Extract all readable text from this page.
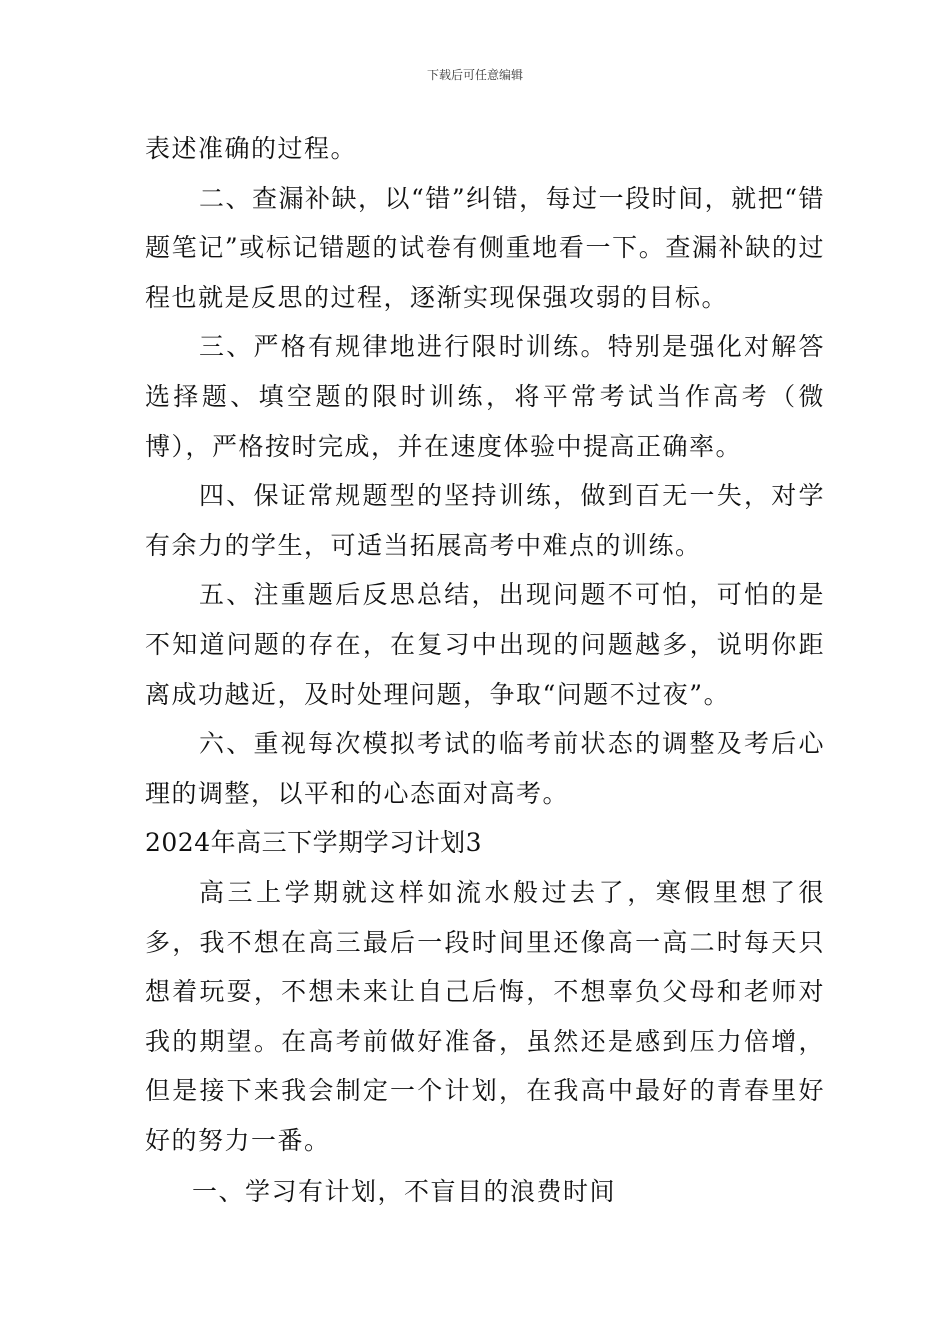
下载后可任意编辑

表述准确的过程。

二、查漏补缺，以“错”纠错，每过一段时间，就把“错题笔记”或标记错题的试卷有侧重地看一下。查漏补缺的过程也就是反思的过程，逐渐实现保强攻弱的目标。

三、严格有规律地进行限时训练。特别是强化对解答选择题、填空题的限时训练，将平常考试当作高考（微博），严格按时完成，并在速度体验中提高正确率。

四、保证常规题型的坚持训练，做到百无一失，对学有余力的学生，可适当拓展高考中难点的训练。

五、注重题后反思总结，出现问题不可怕，可怕的是不知道问题的存在，在复习中出现的问题越多，说明你距离成功越近，及时处理问题，争取“问题不过夜”。

六、重视每次模拟考试的临考前状态的调整及考后心理的调整，以平和的心态面对高考。

2024年高三下学期学习计划3

高三上学期就这样如流水般过去了，寒假里想了很多，我不想在高三最后一段时间里还像高一高二时每天只想着玩耍，不想未来让自己后悔，不想辜负父母和老师对我的期望。在高考前做好准备，虽然还是感到压力倍增，但是接下来我会制定一个计划，在我高中最好的青春里好好的努力一番。

一、学习有计划，不盲目的浪费时间
